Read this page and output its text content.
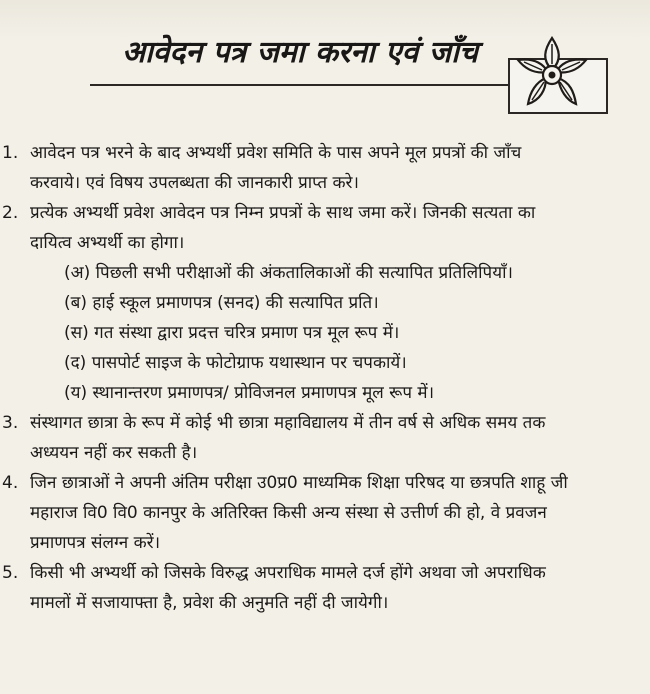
आवेदन पत्र जमा करना एवं जाँच
1. आवेदन पत्र भरने के बाद अभ्यर्थी प्रवेश समिति के पास अपने मूल प्रपत्रों की जाँच
करवाये। एवं विषय उपलब्धता की जानकारी प्राप्त करे।
2. प्रत्येक अभ्यर्थी प्रवेश आवेदन पत्र निम्न प्रपत्रों के साथ जमा करें। जिनकी सत्यता का
दायित्व अभ्यर्थी का होगा।
(अ) पिछली सभी परीक्षाओं की अंकतालिकाओं की सत्यापित प्रतिलिपियाँ।
(ब) हाई स्कूल प्रमाणपत्र (सनद) की सत्यापित प्रति।
(स) गत संस्था द्वारा प्रदत्त चरित्र प्रमाण पत्र मूल रूप में।
(द) पासपोर्ट साइज के फोटोग्राफ यथास्थान पर चपकायें।
(य) स्थानान्तरण प्रमाणपत्र/ प्रोविजनल प्रमाणपत्र मूल रूप में।
3. संस्थागत छात्रा के रूप में कोई भी छात्रा महाविद्यालय में तीन वर्ष से अधिक समय तक
अध्ययन नहीं कर सकती है।
4. जिन छात्राओं ने अपनी अंतिम परीक्षा उ0प्र0 माध्यमिक शिक्षा परिषद या छत्रपति शाहू जी
महाराज वि0 वि0 कानपुर के अतिरिक्त किसी अन्य संस्था से उत्तीर्ण की हो, वे प्रवजन
प्रमाणपत्र संलग्न करें।
5. किसी भी अभ्यर्थी को जिसके विरुद्ध अपराधिक मामले दर्ज होंगे अथवा जो अपराधिक
मामलों में सजायाफ्ता है, प्रवेश की अनुमति नहीं दी जायेगी।
